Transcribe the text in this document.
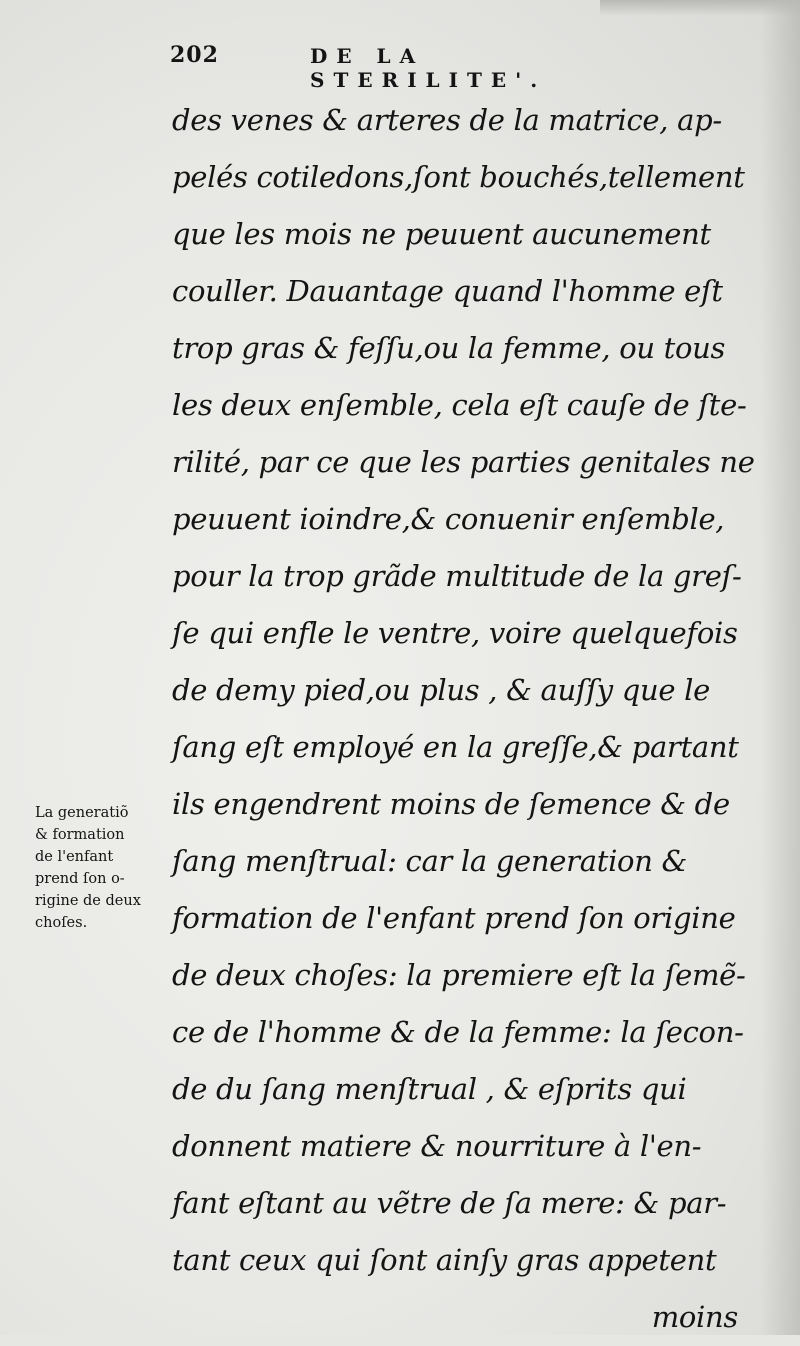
202	DE LA STERILITE'.
des venes & arteres de la matrice, ap-
pelés cotiledons,ſont bouchés,tellement
que les mois ne peuuent aucunement
couller. Dauantage quand l'homme eſt
trop gras & feſſu,ou la femme, ou tous
les deux enſemble, cela eſt cauſe de ſte-
rilité, par ce que les parties genitales ne
peuuent ioindre,& conuenir enſemble,
pour la trop grãde multitude de la greſ-
ſe qui enfle le ventre, voire quelquefois
de demy pied,ou plus , & auſſy que le
ſang eſt employé en la greſſe,& partant
ils engendrent moins de ſemence & de
ſang menſtrual: car la generation &
formation de l'enfant prend ſon origine
de deux choſes: la premiere eſt la ſemẽ-
ce de l'homme & de la femme: la ſecon-
de du ſang menſtrual , & eſprits qui
donnent matiere & nourriture à l'en-
fant eſtant au vẽtre de ſa mere: & par-
tant ceux qui ſont ainſy gras appetent
moins
La generatiõ
& formation
de l'enfant
prend ſon o-
rigine de deux
choſes.
